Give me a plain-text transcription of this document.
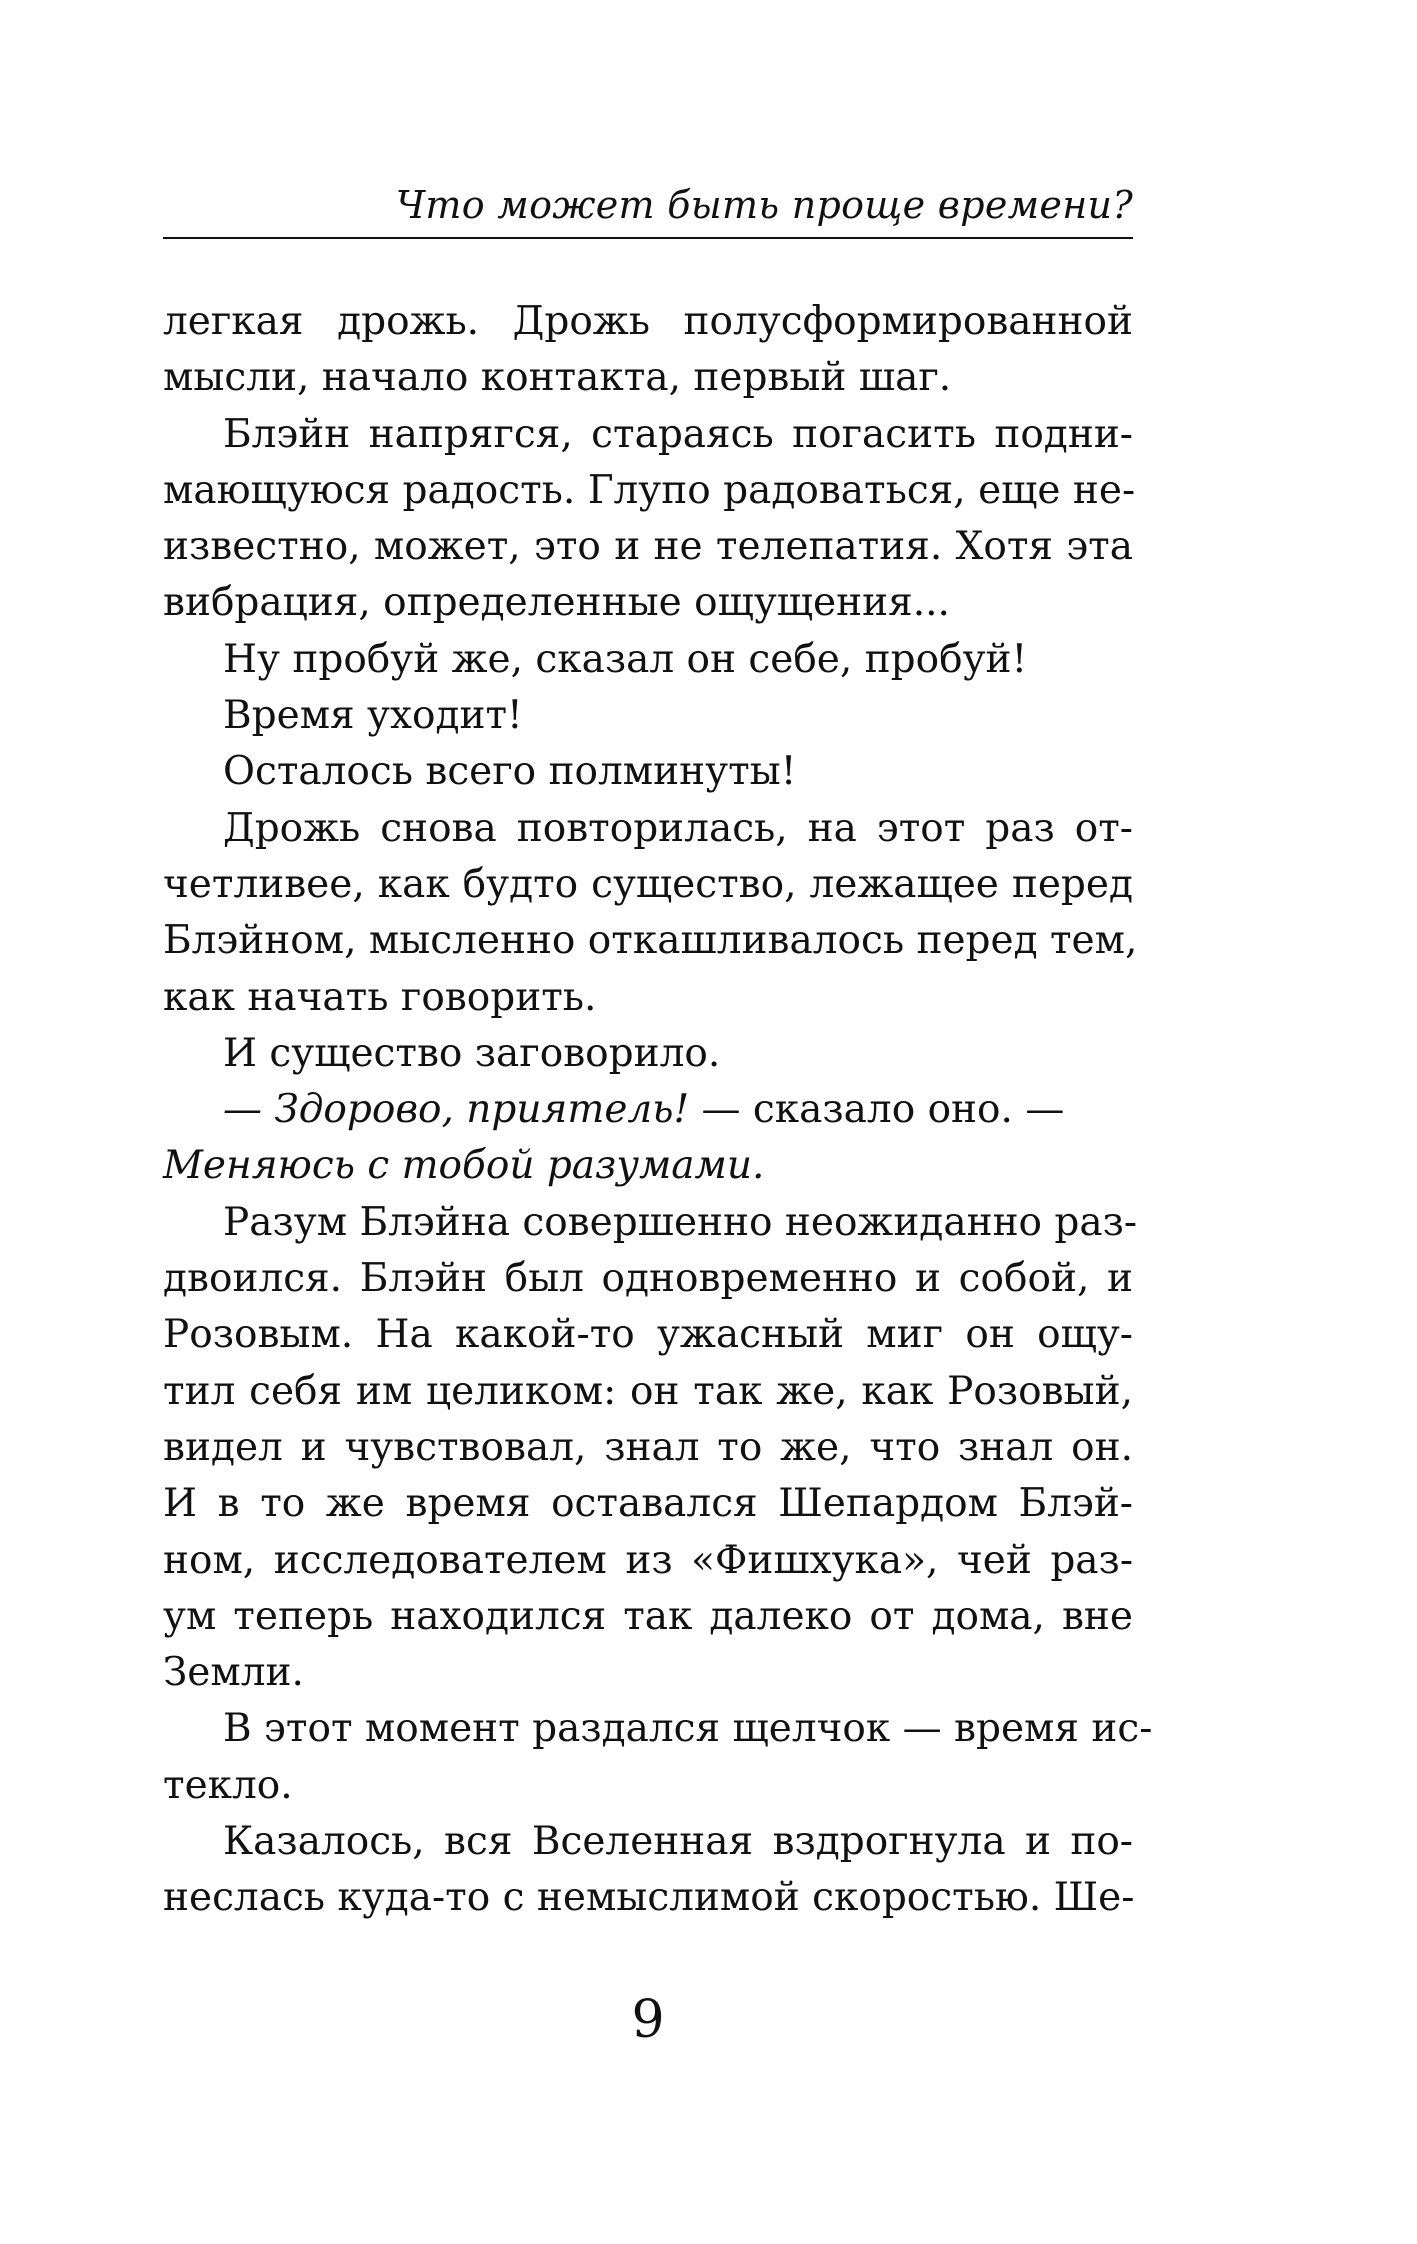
Что может быть проще времени?
легкая дрожь. Дрожь полусформированной
мысли, начало контакта, первый шаг.
Блэйн напрягся, стараясь погасить подни-
мающуюся радость. Глупо радоваться, еще не-
известно, может, это и не телепатия. Хотя эта
вибрация, определенные ощущения...
Ну пробуй же, сказал он себе, пробуй!
Время уходит!
Осталось всего полминуты!
Дрожь снова повторилась, на этот раз от-
четливее, как будто существо, лежащее перед
Блэйном, мысленно откашливалось перед тем,
как начать говорить.
И существо заговорило.
— Здорово, приятель! — сказало оно. —
Меняюсь с тобой разумами.
Разум Блэйна совершенно неожиданно раз-
двоился. Блэйн был одновременно и собой, и
Розовым. На какой-то ужасный миг он ощу-
тил себя им целиком: он так же, как Розовый,
видел и чувствовал, знал то же, что знал он.
И в то же время оставался Шепардом Блэй-
ном, исследователем из «Фишхука», чей раз-
ум теперь находился так далеко от дома, вне
Земли.
В этот момент раздался щелчок — время ис-
текло.
Казалось, вся Вселенная вздрогнула и по-
неслась куда-то с немыслимой скоростью. Ше-
9
